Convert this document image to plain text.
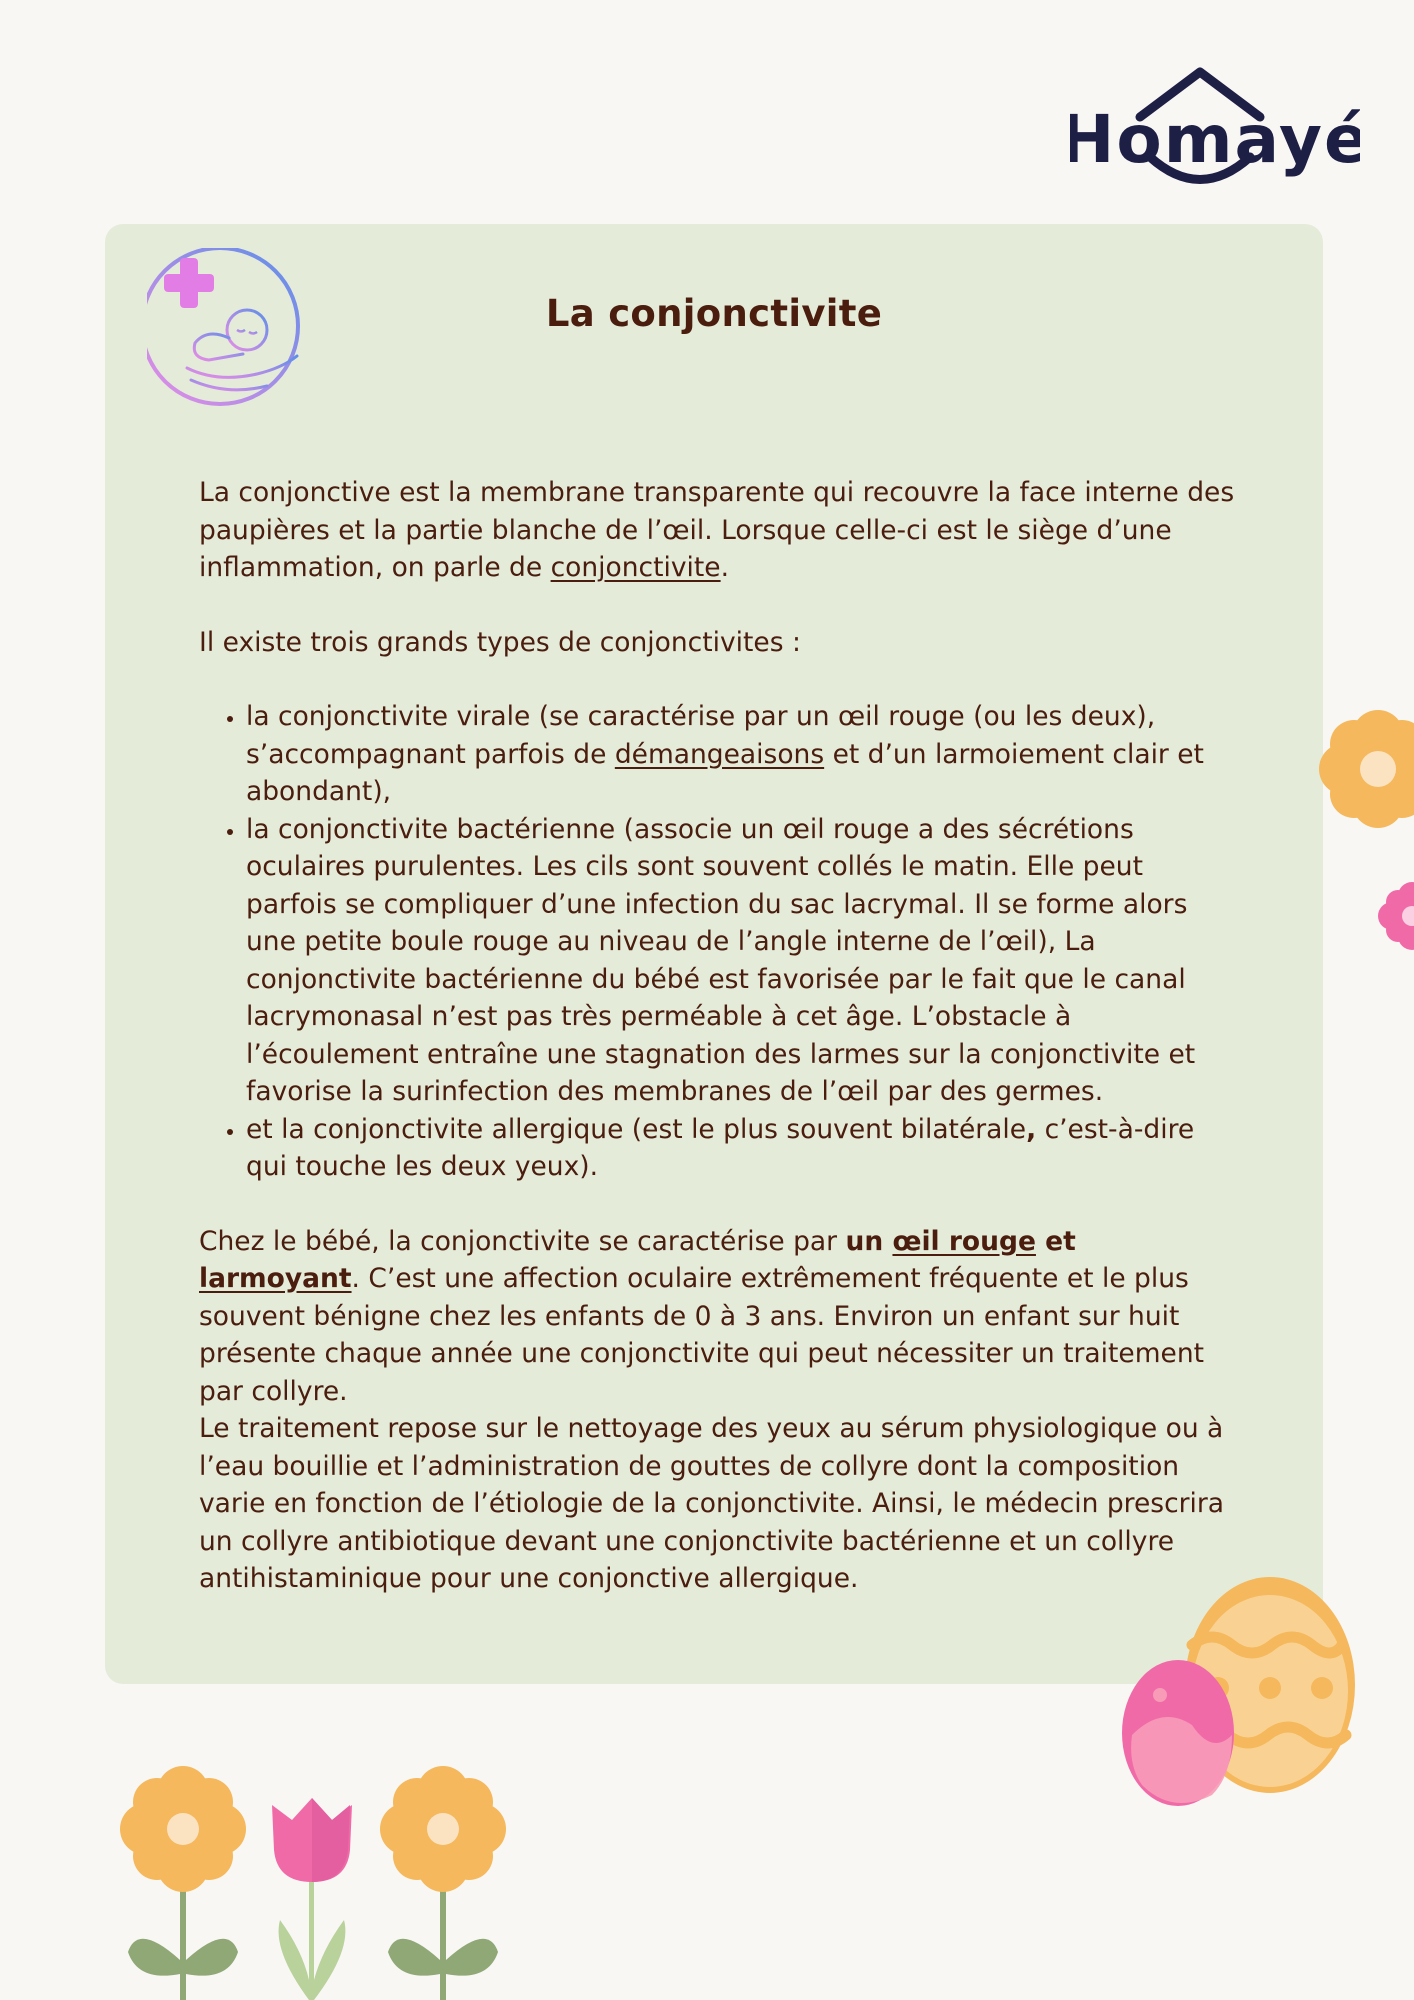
Homayé
La conjonctivite

La conjonctive est la membrane transparente qui recouvre la face interne des paupières et la partie blanche de l’œil. Lorsque celle-ci est le siège d’une inflammation, on parle de conjonctivite.

Il existe trois grands types de conjonctivites :

• la conjonctivite virale (se caractérise par un œil rouge (ou les deux), s’accompagnant parfois de démangeaisons et d’un larmoiement clair et abondant),
• la conjonctivite bactérienne (associe un œil rouge a des sécrétions oculaires purulentes. Les cils sont souvent collés le matin. Elle peut parfois se compliquer d’une infection du sac lacrymal. Il se forme alors une petite boule rouge au niveau de l’angle interne de l’œil), La conjonctivite bactérienne du bébé est favorisée par le fait que le canal lacrymonasal n’est pas très perméable à cet âge. L’obstacle à l’écoulement entraîne une stagnation des larmes sur la conjonctivite et favorise la surinfection des membranes de l’œil par des germes.
• et la conjonctivite allergique (est le plus souvent bilatérale, c’est-à-dire qui touche les deux yeux).

Chez le bébé, la conjonctivite se caractérise par un œil rouge et
larmoyant. C’est une affection oculaire extrêmement fréquente et le plus souvent bénigne chez les enfants de 0 à 3 ans. Environ un enfant sur huit présente chaque année une conjonctivite qui peut nécessiter un traitement par collyre.

Le traitement repose sur le nettoyage des yeux au sérum physiologique ou à l’eau bouillie et l’administration de gouttes de collyre dont la composition varie en fonction de l’étiologie de la conjonctivite. Ainsi, le médecin prescrira un collyre antibiotique devant une conjonctivite bactérienne et un collyre antihistaminique pour une conjonctive allergique.
